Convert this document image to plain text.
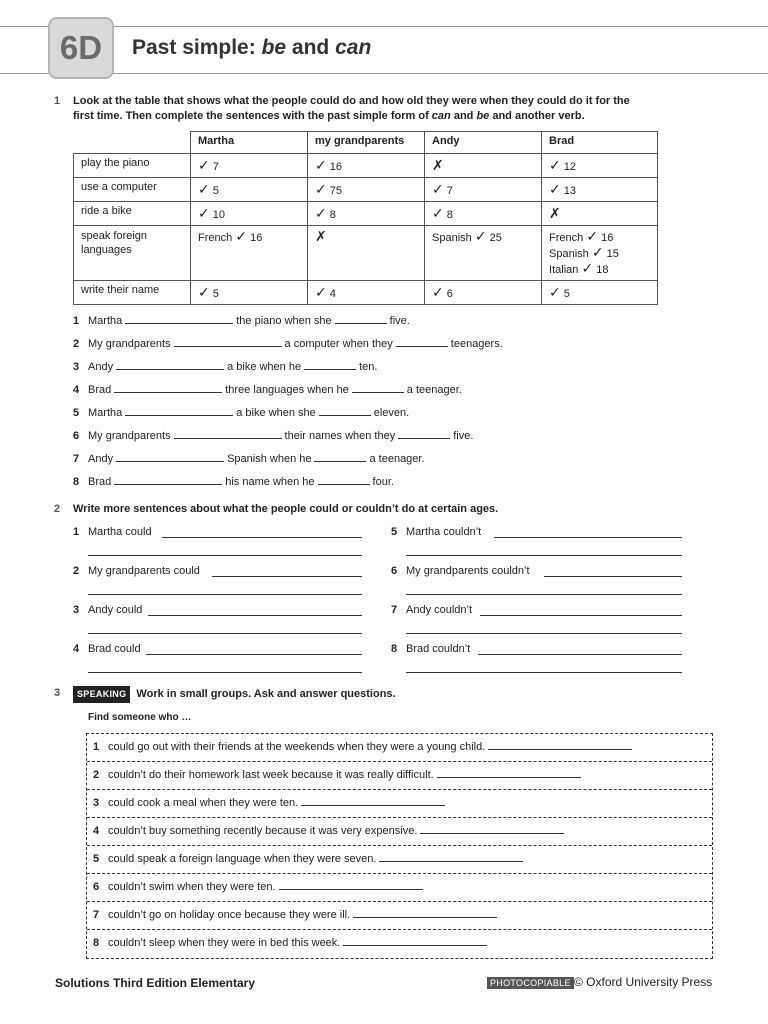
6D	Past simple: be and can
1 Look at the table that shows what the people could do and how old they were when they could do it for the
first time. Then complete the sentences with the past simple form of can and be and another verb.
	Martha	my grandparents	Andy	Brad
play the piano	✓ 7	✓ 16	✗	✓ 12
use a computer	✓ 5	✓ 75	✓ 7	✓ 13
ride a bike	✓ 10	✓ 8	✓ 8	✗
speak foreign
languages	French ✓ 16	✗	Spanish ✓ 25	French ✓ 16
Spanish ✓ 15
Italian ✓ 18
write their name	✓ 5	✓ 4	✓ 6	✓ 5
1 Martha	the piano when she	five.
2 My grandparents	a computer when they	teenagers.
3 Andy	a bike when he	ten.
4 Brad	three languages when he	a teenager.
5 Martha	a bike when she	eleven.
6 My grandparents	their names when they	five.
7 Andy	Spanish when he	a teenager.
8 Brad	his name when he	four.
2 Write more sentences about what the people could or couldn’t do at certain ages.
1 Martha could
2 My grandparents could
3 Andy could
4 Brad could
5 Martha couldn’t
6 My grandparents couldn’t
7 Andy couldn’t
8 Brad couldn’t
3	SPEAKING Work in small groups. Ask and answer questions.
Find someone who …
1 could go out with their friends at the weekends when they were a young child.
2 couldn’t do their homework last week because it was really difficult.
3 could cook a meal when they were ten.
4 couldn’t buy something recently because it was very expensive.
5 could speak a foreign language when they were seven.
6 couldn’t swim when they were ten.
7 couldn’t go on holiday once because they were ill.
8 couldn’t sleep when they were in bed this week.
Solutions Third Edition Elementary	PHOTOCOPIABLE © Oxford University Press
